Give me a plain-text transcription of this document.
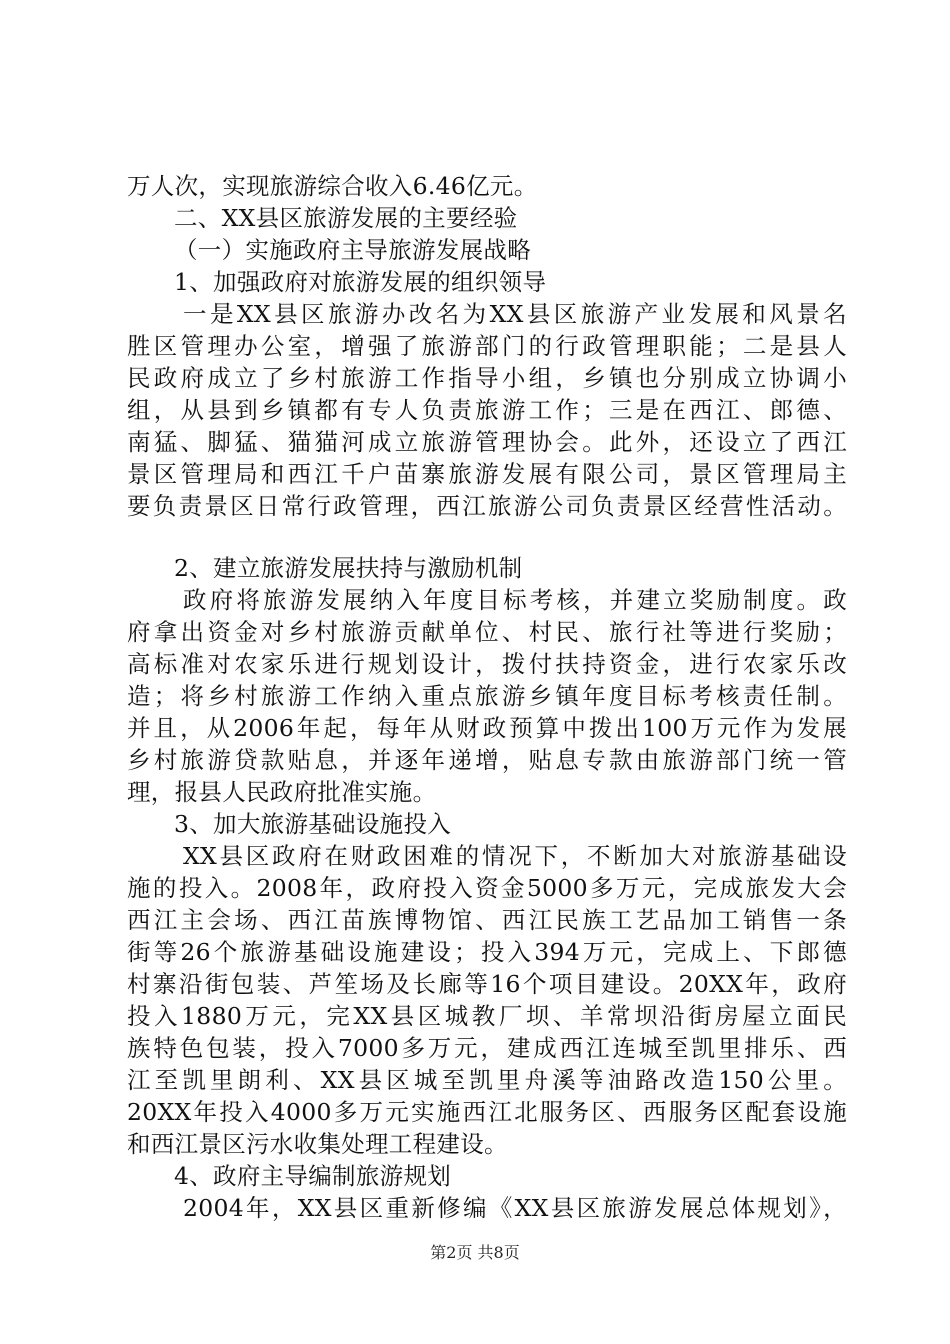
万人次，实现旅游综合收入6.46亿元。
二、XX县区旅游发展的主要经验
（一）实施政府主导旅游发展战略
1、加强政府对旅游发展的组织领导
一是XX县区旅游办改名为XX县区旅游产业发展和风景名
胜区管理办公室，增强了旅游部门的行政管理职能；二是县人
民政府成立了乡村旅游工作指导小组，乡镇也分别成立协调小
组，从县到乡镇都有专人负责旅游工作；三是在西江、郎德、
南猛、脚猛、猫猫河成立旅游管理协会。此外，还设立了西江
景区管理局和西江千户苗寨旅游发展有限公司，景区管理局主
要负责景区日常行政管理，西江旅游公司负责景区经营性活动。
2、建立旅游发展扶持与激励机制
政府将旅游发展纳入年度目标考核，并建立奖励制度。政
府拿出资金对乡村旅游贡献单位、村民、旅行社等进行奖励；
高标准对农家乐进行规划设计，拨付扶持资金，进行农家乐改
造；将乡村旅游工作纳入重点旅游乡镇年度目标考核责任制。
并且，从2006年起，每年从财政预算中拨出100万元作为发展
乡村旅游贷款贴息，并逐年递增，贴息专款由旅游部门统一管
理，报县人民政府批准实施。
3、加大旅游基础设施投入
XX县区政府在财政困难的情况下，不断加大对旅游基础设
施的投入。2008年，政府投入资金5000多万元，完成旅发大会
西江主会场、西江苗族博物馆、西江民族工艺品加工销售一条
街等26个旅游基础设施建设；投入394万元，完成上、下郎德
村寨沿街包装、芦笙场及长廊等16个项目建设。20XX年，政府
投入1880万元，完XX县区城教厂坝、羊常坝沿街房屋立面民
族特色包装，投入7000多万元，建成西江连城至凯里排乐、西
江至凯里朗利、XX县区城至凯里舟溪等油路改造150公里。
20XX年投入4000多万元实施西江北服务区、西服务区配套设施
和西江景区污水收集处理工程建设。
4、政府主导编制旅游规划
2004年，XX县区重新修编《XX县区旅游发展总体规划》，
第2页 共8页
